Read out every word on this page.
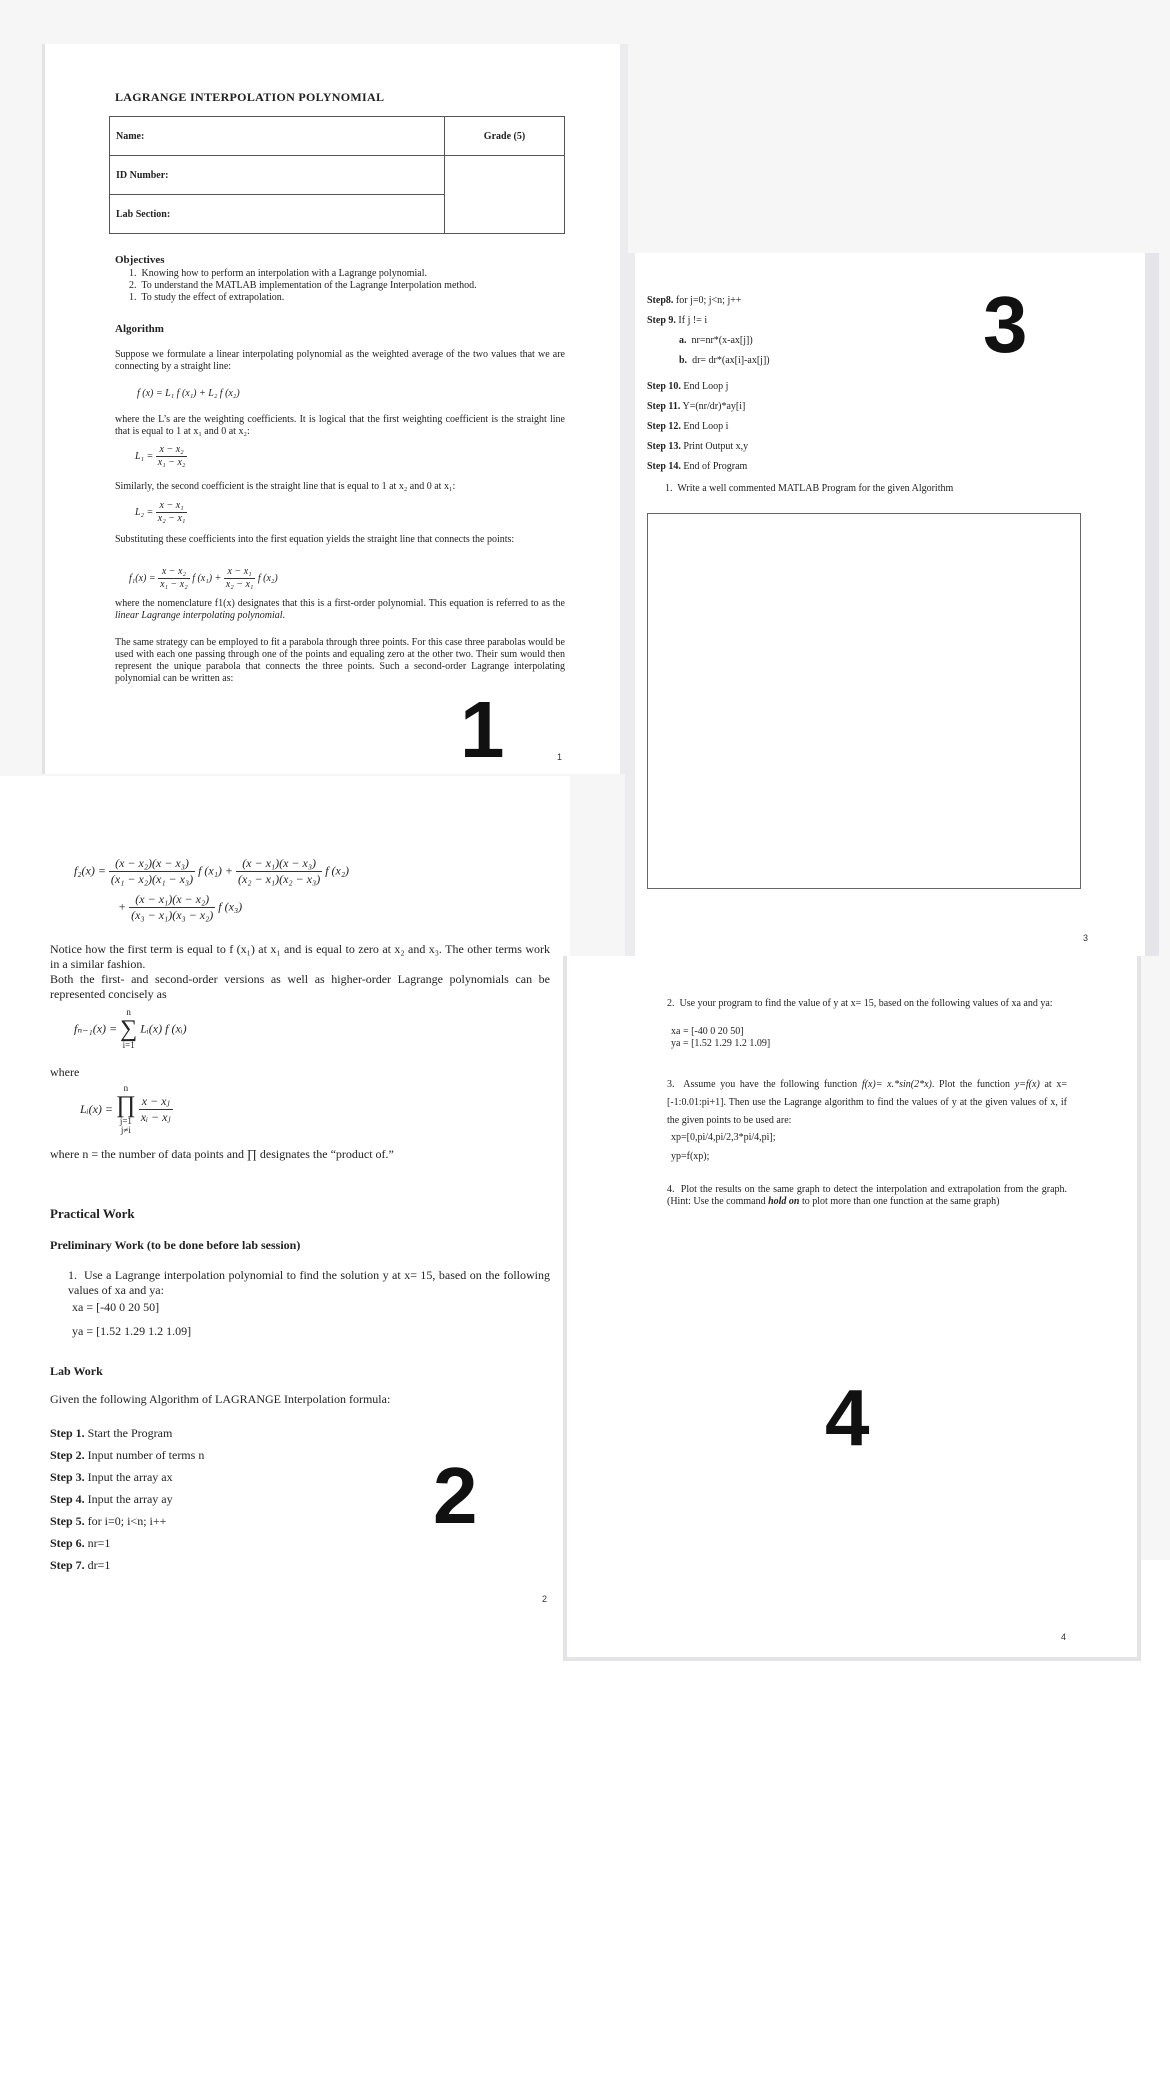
LAGRANGE INTERPOLATION POLYNOMIAL
Name:	Grade (5)
ID Number:	
Lab Section:	
Objectives

1. Knowing how to perform an interpolation with a Lagrange polynomial.

2. To understand the MATLAB implementation of the Lagrange Interpolation method.

1. To study the effect of extrapolation.

Algorithm
Suppose we formulate a linear interpolating polynomial as the weighted average of the two values that we are connecting by a straight line:
f (x) = L₁ f (x₁) + L₂ f (x₂)
where the L’s are the weighting coefficients. It is logical that the first weighting coefficient is the straight line that is equal to 1 at x₁ and 0 at x₂:
$L_1 = \frac{\text{x − x₂}}{\text{x₁ − x₂}}$
Similarly, the second coefficient is the straight line that is equal to 1 at x₂ and 0 at x₁:
$L_2 = \frac{\text{x − x₁}}{\text{x₂ − x₁}}$
Substituting these coefficients into the first equation yields the straight line that connects the points:
$f_1(x) = \frac{\text{x − x₂}}{\text{x₁ − x₂}}$ f $(x_1) + \frac{\text{x − x₁}}{\text{x₂ − x₁}}$ f (x₂)
where the nomenclature f1(x) designates that this is a first-order polynomial. This equation is referred to as the linear Lagrange interpolating polynomial.
The same strategy can be employed to fit a parabola through three points. For this case three parabolas would be used with each one passing through one of the points and equaling zero at the other two. Their sum would then represent the unique parabola that connects the three points. Such a second-order Lagrange interpolating polynomial can be written as:
1	1
$f_2(x) = \frac{\text{(x − x₂)(x − x₃)}}{\text{(x₁ − x₂)(x₁ − x₃)}}$ f $(x_1) + \frac{\text{(x − x₁)(x − x₃)}}{\text{(x₂ − x₁)(x₂ − x₃)}}$ f (x₂)
+ $\frac{\text{(x − x₁)(x − x₂)}}{\text{(x₃ − x₁)(x₃ − x₂)}}$ f (x₃)
Notice how the first term is equal to f (x₁) at x₁ and is equal to zero at x₂ and x₃. The other terms work in a similar fashion.
Both the first- and second-order versions as well as higher-order Lagrange polynomials can be represented concisely as
fₙ₋₁(x) =
n
∑
i=1
Lᵢ(x) f (xᵢ)
where
Lᵢ(x) =
n
∏
j=1
j≠i

$\frac{\text{x − xⱼ}}{\text{xᵢ − xⱼ}}$
where n = the number of data points and ∏ designates the “product of.”
Practical Work
Preliminary Work (to be done before lab session)
1. Use a Lagrange interpolation polynomial to find the solution y at x= 15, based on the following values of xa and ya:
xa = [-40 0 20 50]
ya = [1.52 1.29 1.2 1.09]
Lab Work
Given the following Algorithm of LAGRANGE Interpolation formula:
Step 1. Start the Program
Step 2. Input number of terms n
Step 3. Input the array ax
Step 4. Input the array ay
Step 5. for i=0; i<n; i++
Step 6. nr=1
Step 7. dr=1
2
2
Step8. for j=0; j<n; j++
Step 9. If j != i
a. nr=nr*(x-ax[j])
b. dr= dr*(ax[i]-ax[j])
Step 10. End Loop j
Step 11. Y=(nr/dr)*ay[i]
Step 12. End Loop i
Step 13. Print Output x,y
Step 14. End of Program
1. Write a well commented MATLAB Program for the given Algorithm
3
3
2. Use your program to find the value of y at x= 15, based on the following values of xa and ya:
xa = [-40 0 20 50]
ya = [1.52 1.29 1.2 1.09]
3. Assume you have the following function f(x)= x.*sin(2*x). Plot the function y=f(x) at x= [-1:0.01:pi+1]. Then use the Lagrange algorithm to find the values of y at the given values of x, if the given points to be used are:
xp=[0,pi/4,pi/2,3*pi/4,pi];
yp=f(xp);
4. Plot the results on the same graph to detect the interpolation and extrapolation from the graph. (Hint: Use the command hold on to plot more than one function at the same graph)
4
4
